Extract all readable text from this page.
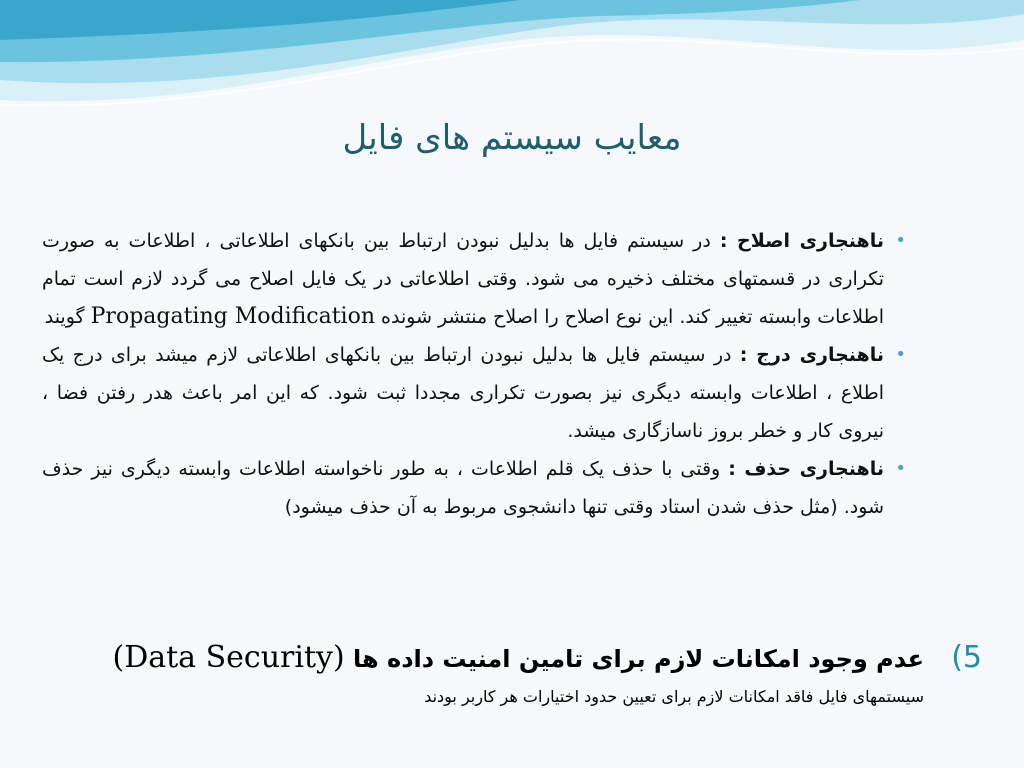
معایب سیستم های فایل
•
ناهنجاری اصلاح : در سیستم فایل ها بدلیل نبودن ارتباط بین بانکهای اطلاعاتی ، اطلاعات به صورت تکراری در قسمتهای مختلف ذخیره می شود. وقتی اطلاعاتی در یک فایل اصلاح می گردد لازم است تمام اطلاعات وابسته تغییر کند. این نوع اصلاح را اصلاح منتشر شونده Propagating Modification گویند
•
ناهنجاری درج : در سیستم فایل ها بدلیل نبودن ارتباط بین بانکهای اطلاعاتی لازم میشد برای درج یک اطلاع ، اطلاعات وابسته دیگری نیز بصورت تکراری مجددا ثبت شود. که این امر باعث هدر رفتن فضا ، نیروی کار و خطر بروز ناسازگاری میشد.
•
ناهنجاری حذف : وقتی با حذف یک قلم اطلاعات ، به طور ناخواسته اطلاعات وابسته دیگری نیز حذف شود. (مثل حذف شدن استاد وقتی تنها دانشجوی مربوط به آن حذف میشود)
(5
عدم وجود امکانات لازم برای تامین امنیت داده ها (Data Security)
سیستمهای فایل فاقد امکانات لازم برای تعیین حدود اختیارات هر کاربر بودند
